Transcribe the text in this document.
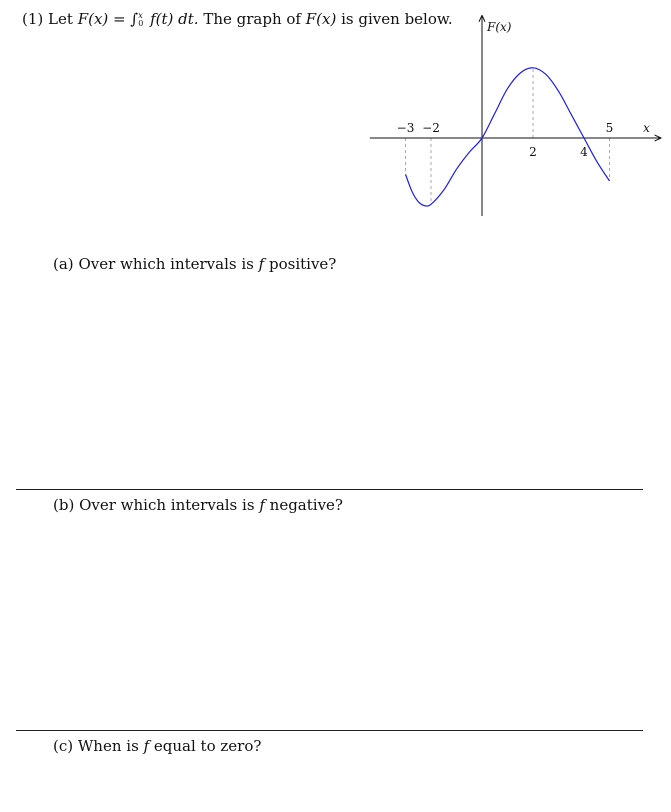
(1) Let F(x) = ∫ x
0 f(t) dt. The graph of F(x) is given below.
−3 −2
2	4
5 x
F(x)
(a) Over which intervals is f positive?
(b) Over which intervals is f negative?
(c) When is f equal to zero?
